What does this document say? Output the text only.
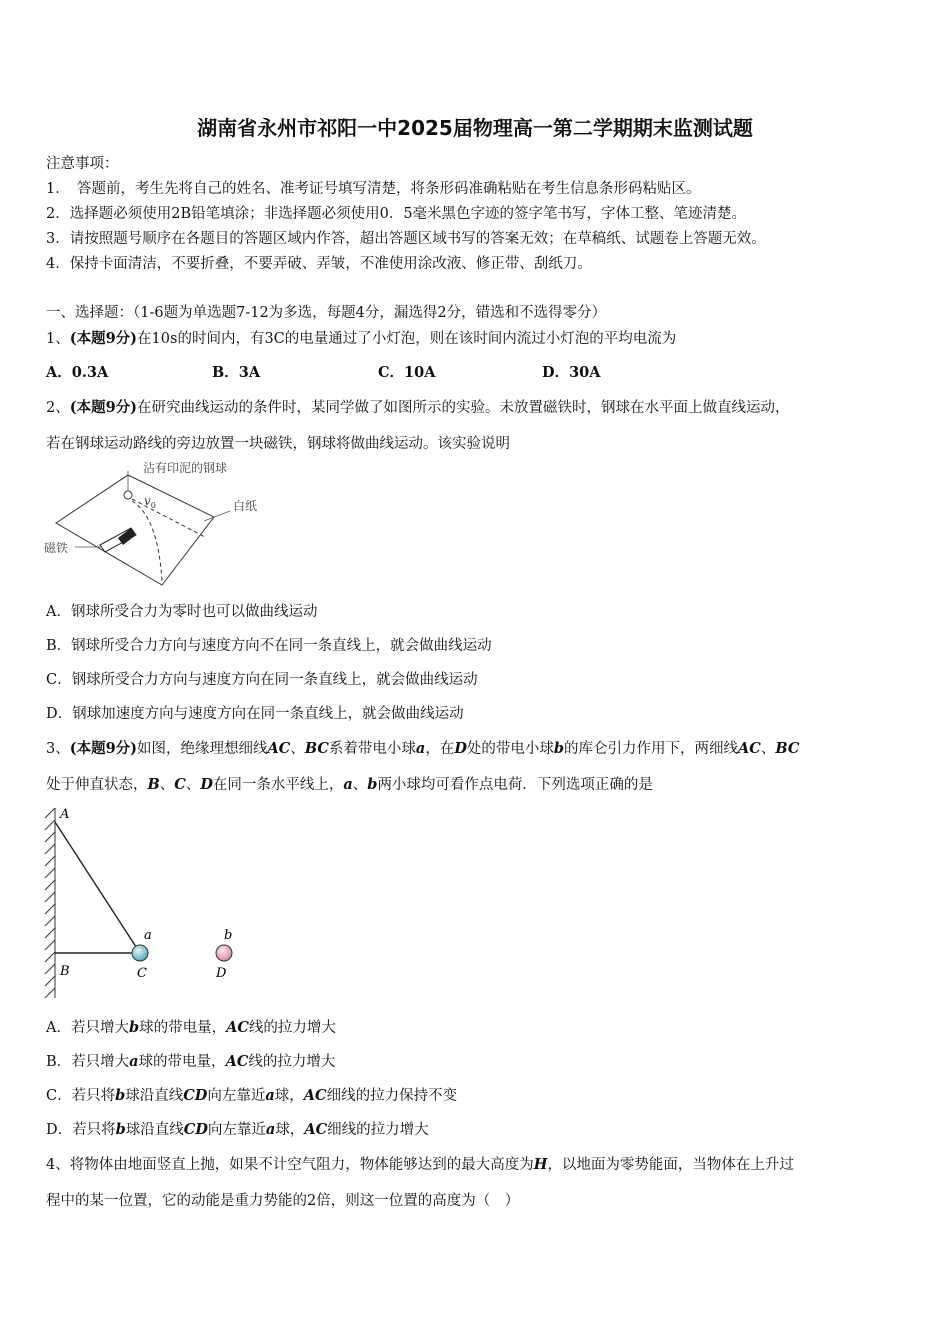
湖南省永州市祁阳一中2025届物理高一第二学期期末监测试题
注意事项：
1．　答题前，考生先将自己的姓名、准考证号填写清楚，将条形码准确粘贴在考生信息条形码粘贴区。
2．选择题必须使用2B铅笔填涂；非选择题必须使用0．5毫米黑色字迹的签字笔书写，字体工整、笔迹清楚。
3．请按照题号顺序在各题目的答题区域内作答，超出答题区域书写的答案无效；在草稿纸、试题卷上答题无效。
4．保持卡面清洁，不要折叠，不要弄破、弄皱，不准使用涂改液、修正带、刮纸刀。
一、选择题：（1-6题为单选题7-12为多选，每题4分，漏选得2分，错选和不选得零分）
1、(本题9分)在10s的时间内，有3C的电量通过了小灯泡，则在该时间内流过小灯泡的平均电流为
A．0.3A	B．3A	C．10A	D．30A
2、(本题9分)在研究曲线运动的条件时，某同学做了如图所示的实验。未放置磁铁时，钢球在水平面上做直线运动，
若在钢球运动路线的旁边放置一块磁铁，钢球将做曲线运动。该实验说明
沾有印泥的钢球
$v_0$	白纸
磁铁
A．钢球所受合力为零时也可以做曲线运动
B．钢球所受合力方向与速度方向不在同一条直线上，就会做曲线运动
C．钢球所受合力方向与速度方向在同一条直线上，就会做曲线运动
D．钢球加速度方向与速度方向在同一条直线上，就会做曲线运动
3、(本题9分)如图，绝缘理想细线AC、BC系着带电小球a，在D处的带电小球b的库仑引力作用下，两细线AC、BC
处于伸直状态，B、C、D在同一条水平线上，a、b两小球均可看作点电荷．下列选项正确的是
A
B	C	D
a	b
A．若只增大b球的带电量，AC线的拉力增大
B．若只增大a球的带电量，AC线的拉力增大
C．若只将b球沿直线CD向左靠近a球，AC细线的拉力保持不变
D．若只将b球沿直线CD向左靠近a球，AC细线的拉力增大
4、将物体由地面竖直上抛，如果不计空气阻力，物体能够达到的最大高度为H，以地面为零势能面，当物体在上升过
程中的某一位置，它的动能是重力势能的2倍，则这一位置的高度为（　）
